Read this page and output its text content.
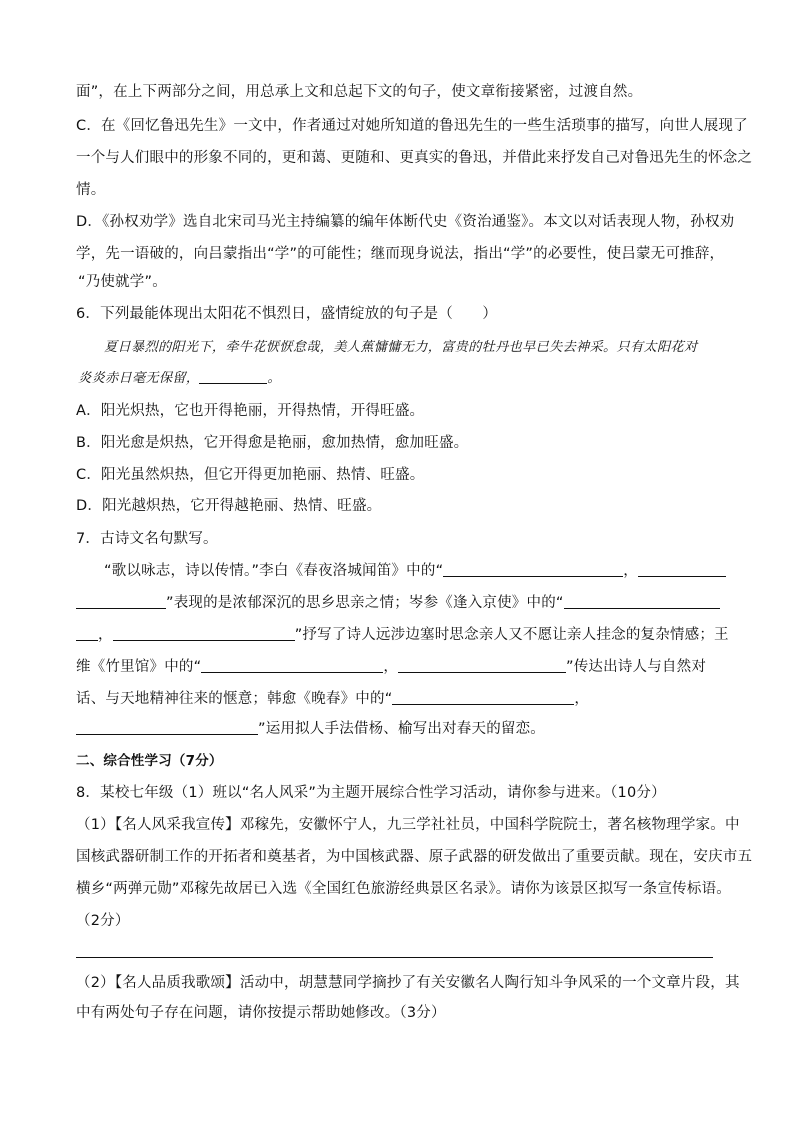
面”，在上下两部分之间，用总承上文和总起下文的句子，使文章衔接紧密，过渡自然。
C．在《回忆鲁迅先生》一文中，作者通过对她所知道的鲁迅先生的一些生活琐事的描写，向世人展现了
一个与人们眼中的形象不同的，更和蔼、更随和、更真实的鲁迅，并借此来抒发自己对鲁迅先生的怀念之
情。
D．《孙权劝学》选自北宋司马光主持编纂的编年体断代史《资治通鉴》。本文以对话表现人物，孙权劝
学，先一语破的，向吕蒙指出“学”的可能性；继而现身说法，指出“学”的必要性，使吕蒙无可推辞，
“乃使就学”。
6．下列最能体现出太阳花不惧烈日，盛情绽放的句子是（　　）
夏日暴烈的阳光下，牵牛花恹恹怠哉，美人蕉慵慵无力，富贵的牡丹也早已失去神采。只有太阳花对
炎炎赤日毫无保留，	。
A．阳光炽热，它也开得艳丽，开得热情，开得旺盛。
B．阳光愈是炽热，它开得愈是艳丽，愈加热情，愈加旺盛。
C．阳光虽然炽热，但它开得更加艳丽、热情、旺盛。
D．阳光越炽热，它开得越艳丽、热情、旺盛。
7．古诗文名句默写。
“歌以咏志，诗以传情。”李白《春夜洛城闻笛》中的“	，
”表现的是浓郁深沉的思乡思亲之情；岑参《逢入京使》中的“
，	”抒写了诗人远涉边塞时思念亲人又不愿让亲人挂念的复杂情感；王
维《竹里馆》中的“	，	”传达出诗人与自然对
话、与天地精神往来的惬意；韩愈《晚春》中的“	，
”运用拟人手法借杨、榆写出对春天的留恋。
二、综合性学习（7分）
8．某校七年级（1）班以“名人风采”为主题开展综合性学习活动，请你参与进来。（10分）
（1）【名人风采我宣传】邓稼先，安徽怀宁人，九三学社社员，中国科学院院士，著名核物理学家。中
国核武器研制工作的开拓者和奠基者，为中国核武器、原子武器的研发做出了重要贡献。现在，安庆市五
横乡“两弹元勋”邓稼先故居已入选《全国红色旅游经典景区名录》。请你为该景区拟写一条宣传标语。
（2分）
（2）【名人品质我歌颂】活动中，胡慧慧同学摘抄了有关安徽名人陶行知斗争风采的一个文章片段，其
中有两处句子存在问题，请你按提示帮助她修改。（3分）
